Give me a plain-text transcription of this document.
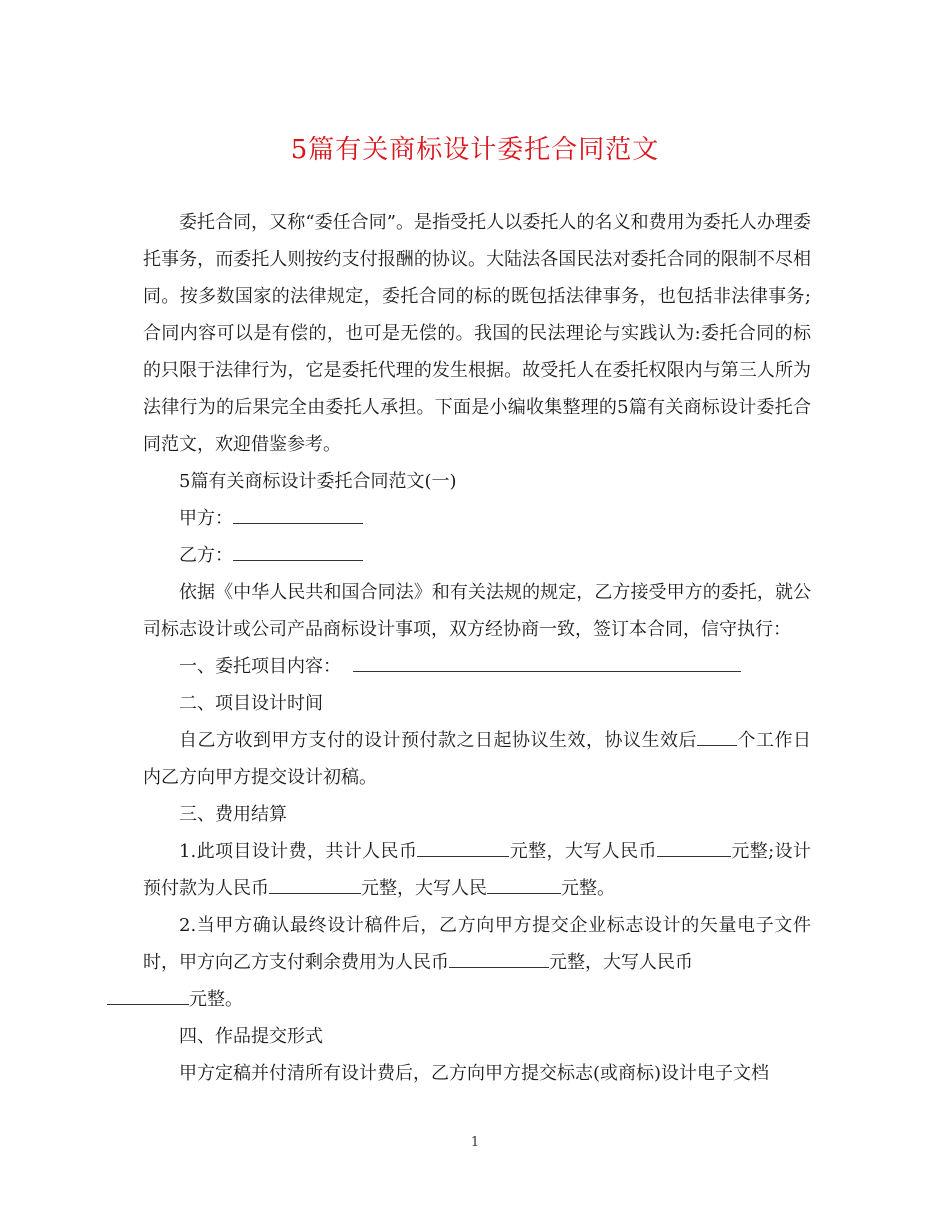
5篇有关商标设计委托合同范文

委托合同，又称“委任合同”。是指受托人以委托人的名义和费用为委托人办理委托事务，而委托人则按约支付报酬的协议。大陆法各国民法对委托合同的限制不尽相同。按多数国家的法律规定，委托合同的标的既包括法律事务，也包括非法律事务;合同内容可以是有偿的，也可是无偿的。我国的民法理论与实践认为:委托合同的标的只限于法律行为，它是委托代理的发生根据。故受托人在委托权限内与第三人所为法律行为的后果完全由委托人承担。下面是小编收集整理的5篇有关商标设计委托合同范文，欢迎借鉴参考。

5篇有关商标设计委托合同范文(一)

甲方：

乙方：

依据《中华人民共和国合同法》和有关法规的规定，乙方接受甲方的委托，就公司标志设计或公司产品商标设计事项，双方经协商一致，签订本合同，信守执行：

一、委托项目内容：

二、项目设计时间

自乙方收到甲方支付的设计预付款之日起协议生效，协议生效后 个工作日内乙方向甲方提交设计初稿。

三、费用结算

1.此项目设计费，共计人民币	元整，大写人民币	元整;设计预付款为人民币	元整，大写人民	元整。

2.当甲方确认最终设计稿件后，乙方向甲方提交企业标志设计的矢量电子文件时，甲方向乙方支付剩余费用为人民币	元整，大写人民币
元整。

四、作品提交形式

甲方定稿并付清所有设计费后，乙方向甲方提交标志(或商标)设计电子文档

1
